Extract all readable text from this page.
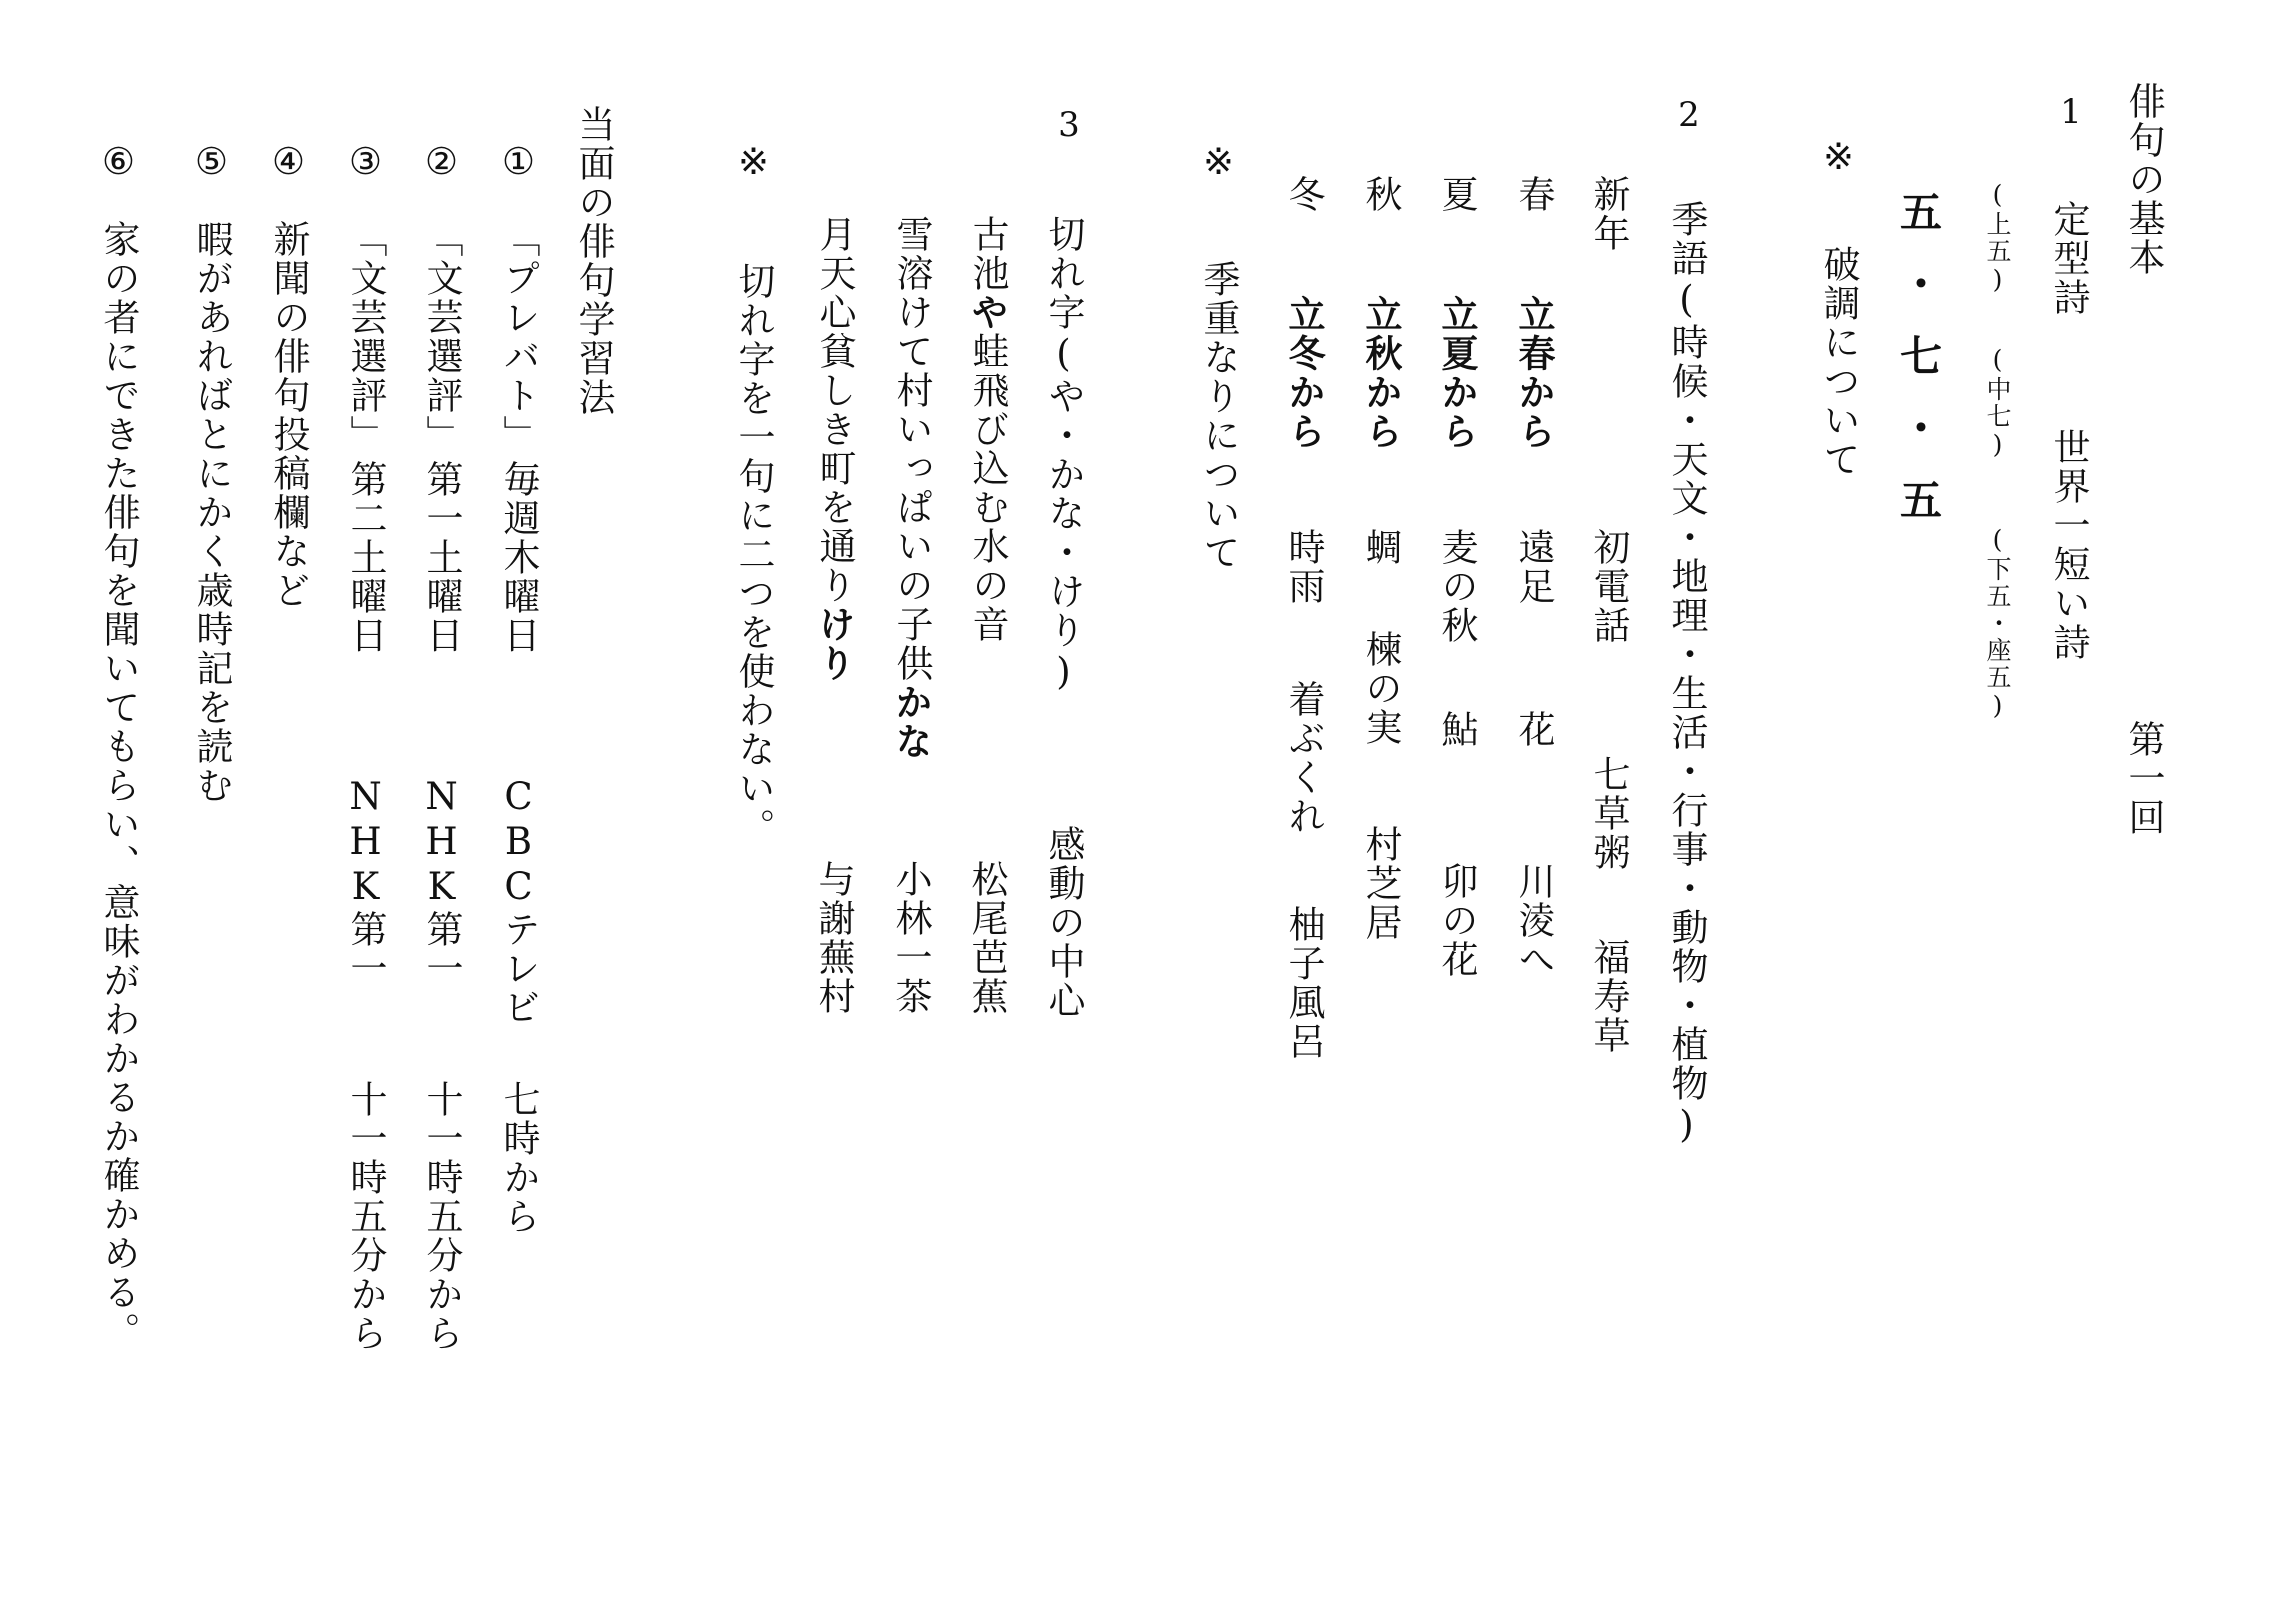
俳句の基本
第一回
1
定型詩
世界一短い詩
(上五)
(中七)
(下五・座五)
五・七・五
※
破調について
2
季語(時候・天文・地理・生活・行事・動物・植物)
新年
初電話
七草粥
福寿草
春
立春から
遠足
花
川淩へ
夏
立夏から
麦の秋
鮎
卯の花
秋
立秋から
蜩
楝の実
村芝居
冬
立冬から
時雨
着ぶくれ
柚子風呂
※
季重なりについて
3
切れ字(や・かな・けり)
感動の中心
古池や蛙飛び込む水の音
松尾芭蕉
雪溶けて村いっぱいの子供かな
小林一茶
月天心貧しき町を通りけり
与謝蕪村
※
切れ字を一句に二つを使わない。
当面の俳句学習法
①
「プレバト」
毎週木曜日
CBCテレビ
七時から
②
「文芸選評」
第一土曜日
NHK第一
十一時五分から
③
「文芸選評」
第二土曜日
NHK第一
十一時五分から
④
新聞の俳句投稿欄など
⑤
暇があればとにかく歳時記を読む
⑥
家の者にできた俳句を聞いてもらい、意味がわかるか確かめる。
